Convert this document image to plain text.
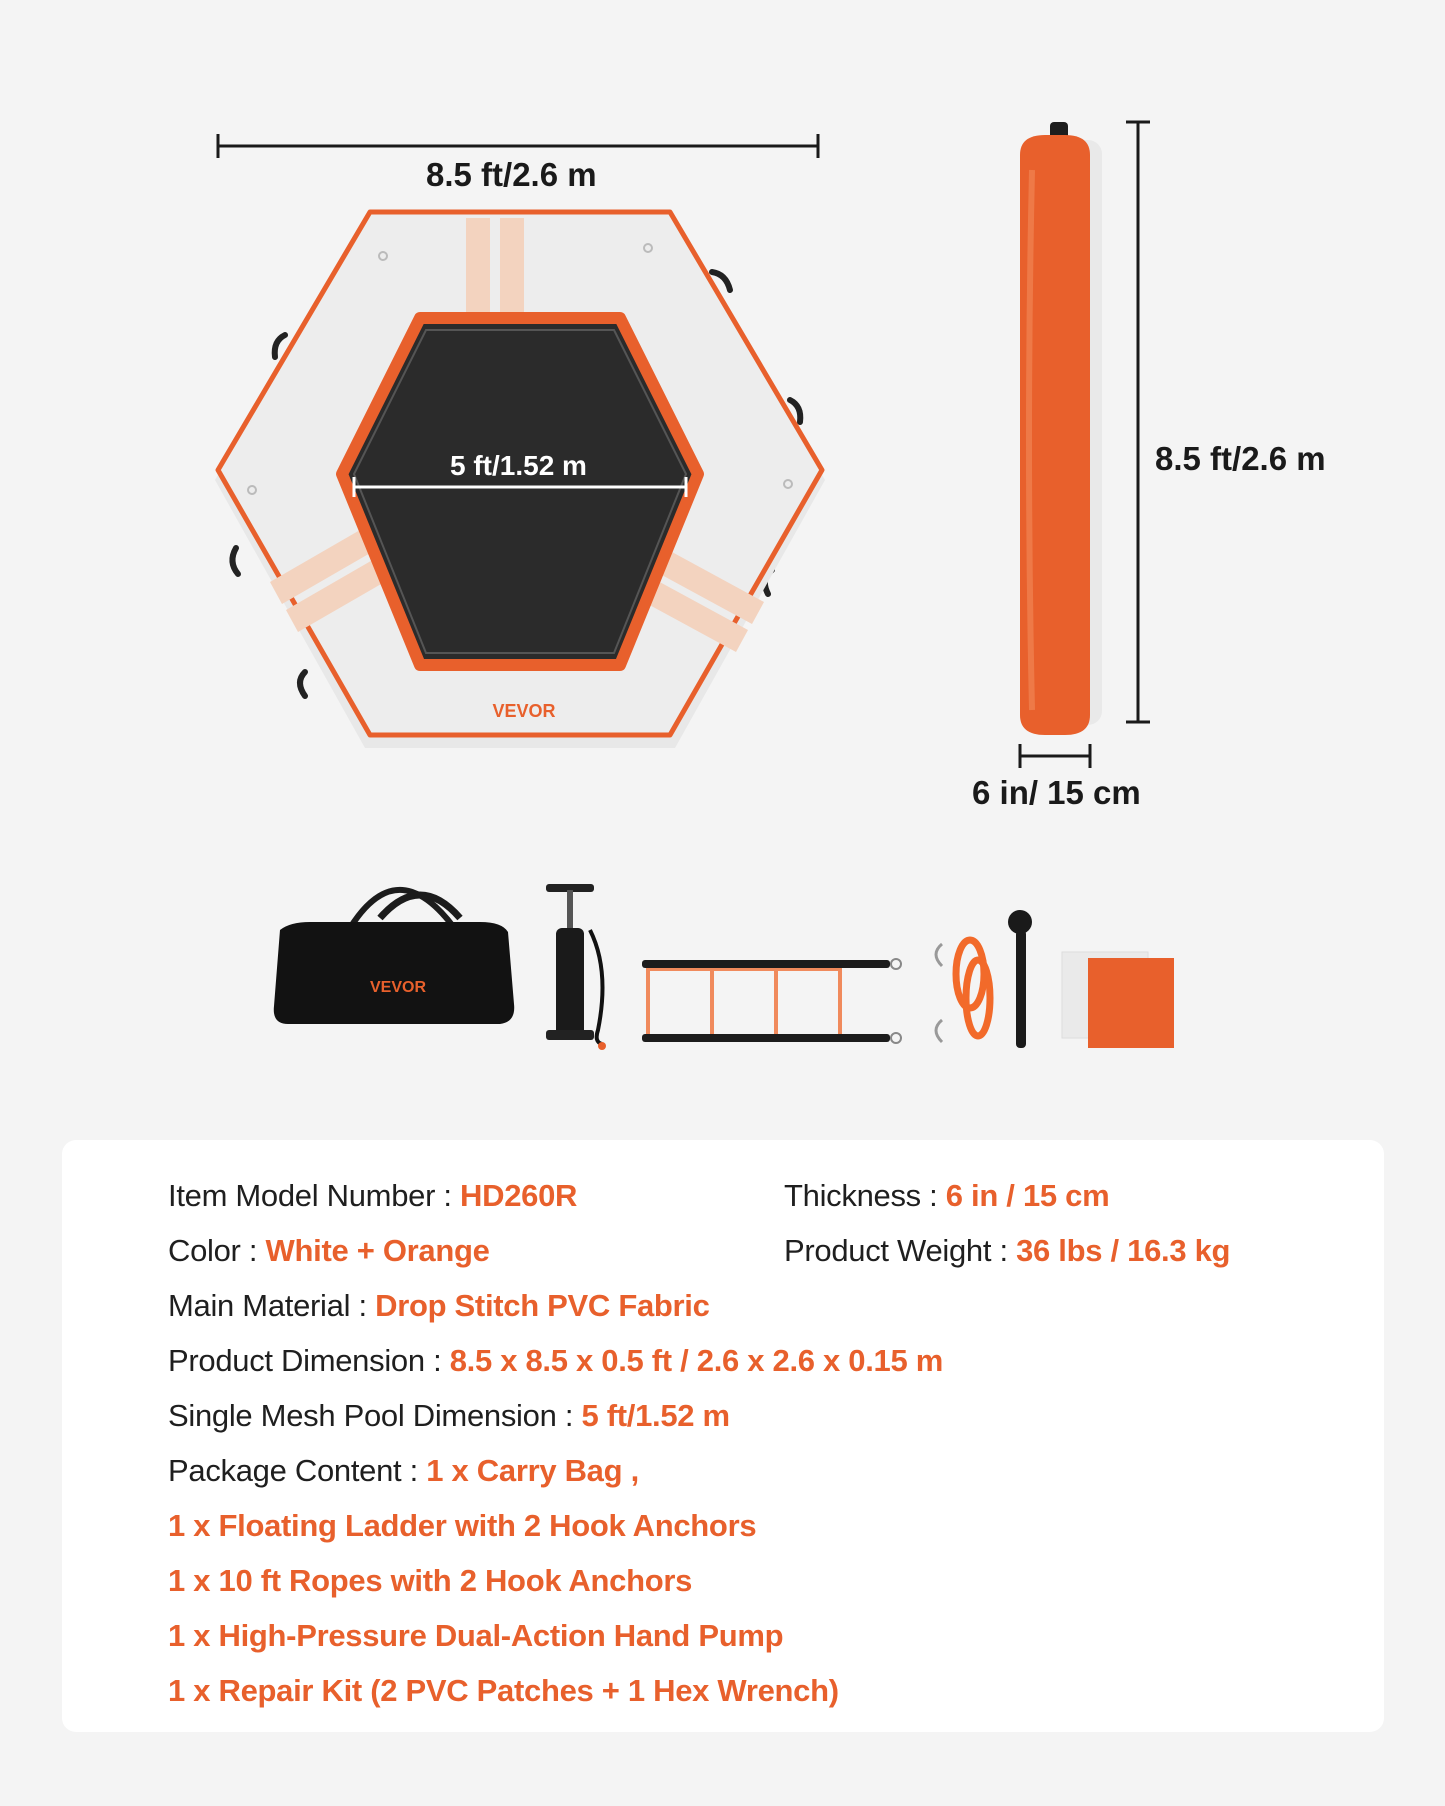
VEVOR
8.5 ft/2.6 m
5 ft/1.52 m	8.5 ft/2.6 m
6 in/ 15 cm
VEVOR
Item Model Number : HD260R	Thickness : 6 in / 15 cm
Color : White + Orange	Product Weight : 36 lbs / 16.3 kg
Main Material : Drop Stitch PVC Fabric
Product Dimension : 8.5 x 8.5 x 0.5 ft / 2.6 x 2.6 x 0.15 m
Single Mesh Pool Dimension : 5 ft/1.52 m
Package Content : 1 x Carry Bag ,
1 x Floating Ladder with 2 Hook Anchors
1 x 10 ft Ropes with 2 Hook Anchors
1 x High-Pressure Dual-Action Hand Pump
1 x Repair Kit (2 PVC Patches + 1 Hex Wrench)
